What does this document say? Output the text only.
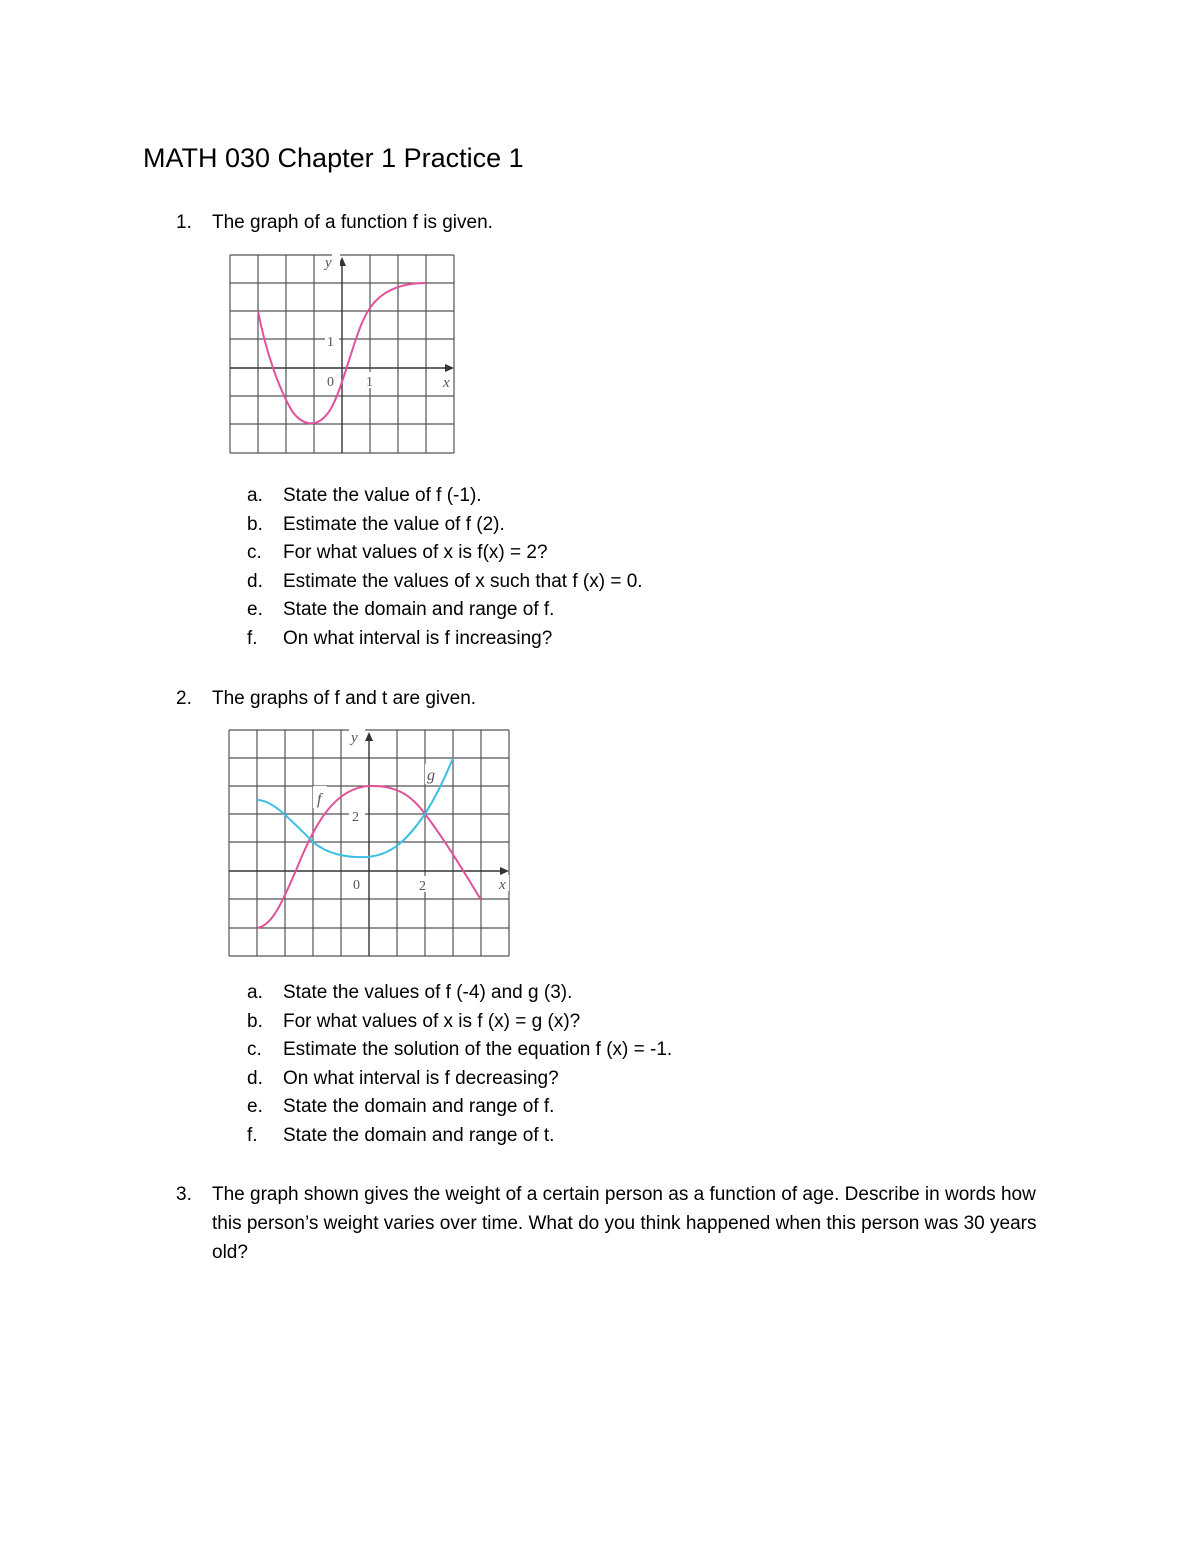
MATH 030 Chapter 1 Practice 1
1.	The graph of a function f is given.
y
x
1
0 1
a. State the value of f (-1).
b. Estimate the value of f (2).
c. For what values of x is f(x) = 2?
d. Estimate the values of x such that f (x) = 0.
e. State the domain and range of f.
f. On what interval is f increasing?
2.	The graphs of f and t are given.
y
x
2
0	2
f
g
a. State the values of f (-4) and g (3).
b. For what values of x is f (x) = g (x)?
c. Estimate the solution of the equation f (x) = -1.
d. On what interval is f decreasing?
e. State the domain and range of f.
f. State the domain and range of t.
3.	The graph shown gives the weight of a certain person as a function of age. Describe in words how this person’s weight varies over time. What do you think happened when this person was 30 years old?
